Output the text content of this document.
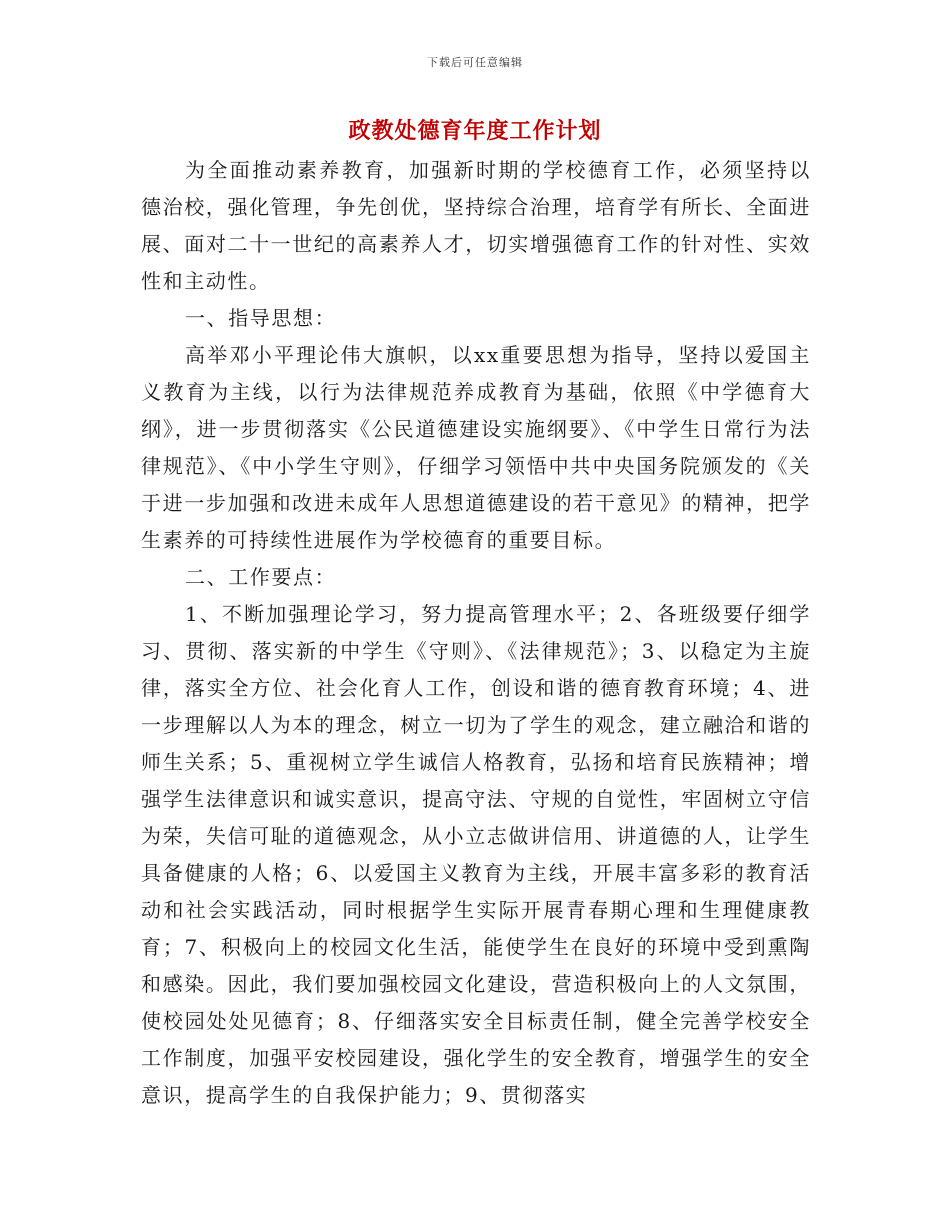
下载后可任意编辑
政教处德育年度工作计划

为全面推动素养教育，加强新时期的学校德育工作，必须坚持以德治校，强化管理，争先创优，坚持综合治理，培育学有所长、全面进展、面对二十一世纪的高素养人才，切实增强德育工作的针对性、实效性和主动性。

一、指导思想：

高举邓小平理论伟大旗帜，以xx重要思想为指导，坚持以爱国主义教育为主线，以行为法律规范养成教育为基础，依照《中学德育大纲》，进一步贯彻落实《公民道德建设实施纲要》、《中学生日常行为法律规范》、《中小学生守则》，仔细学习领悟中共中央国务院颁发的《关于进一步加强和改进未成年人思想道德建设的若干意见》的精神，把学生素养的可持续性进展作为学校德育的重要目标。

二、工作要点：

1、不断加强理论学习，努力提高管理水平；2、各班级要仔细学习、贯彻、落实新的中学生《守则》、《法律规范》；3、以稳定为主旋律，落实全方位、社会化育人工作，创设和谐的德育教育环境；4、进一步理解以人为本的理念，树立一切为了学生的观念，建立融洽和谐的师生关系；5、重视树立学生诚信人格教育，弘扬和培育民族精神；增强学生法律意识和诚实意识，提高守法、守规的自觉性，牢固树立守信为荣，失信可耻的道德观念，从小立志做讲信用、讲道德的人，让学生具备健康的人格；6、以爱国主义教育为主线，开展丰富多彩的教育活动和社会实践活动，同时根据学生实际开展青春期心理和生理健康教育；7、积极向上的校园文化生活，能使学生在良好的环境中受到熏陶和感染。因此，我们要加强校园文化建设，营造积极向上的人文氛围，使校园处处见德育；8、仔细落实安全目标责任制，健全完善学校安全工作制度，加强平安校园建设，强化学生的安全教育，增强学生的安全意识，提高学生的自我保护能力；9、贯彻落实
